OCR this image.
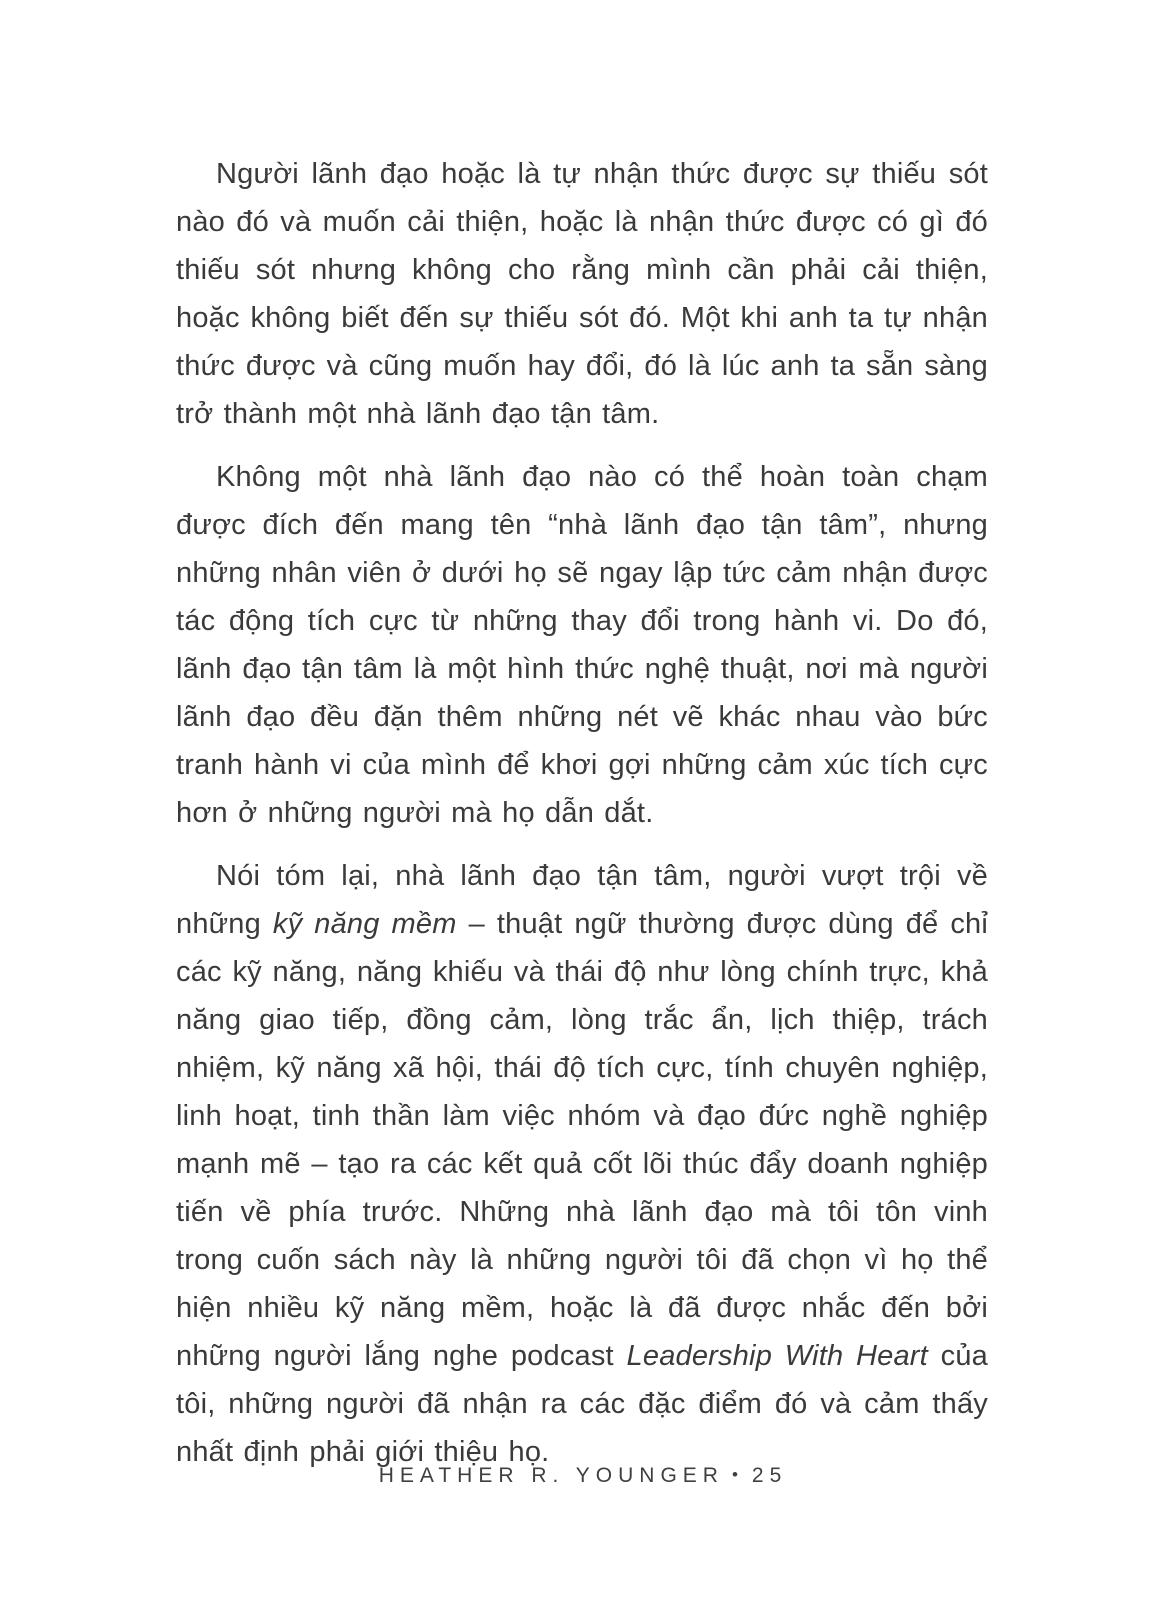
Người lãnh đạo hoặc là tự nhận thức được sự thiếu sót nào đó và muốn cải thiện, hoặc là nhận thức được có gì đó thiếu sót nhưng không cho rằng mình cần phải cải thiện, hoặc không biết đến sự thiếu sót đó. Một khi anh ta tự nhận thức được và cũng muốn hay đổi, đó là lúc anh ta sẵn sàng trở thành một nhà lãnh đạo tận tâm.

Không một nhà lãnh đạo nào có thể hoàn toàn chạm được đích đến mang tên “nhà lãnh đạo tận tâm”, nhưng những nhân viên ở dưới họ sẽ ngay lập tức cảm nhận được tác động tích cực từ những thay đổi trong hành vi. Do đó, lãnh đạo tận tâm là một hình thức nghệ thuật, nơi mà người lãnh đạo đều đặn thêm những nét vẽ khác nhau vào bức tranh hành vi của mình để khơi gợi những cảm xúc tích cực hơn ở những người mà họ dẫn dắt.

Nói tóm lại, nhà lãnh đạo tận tâm, người vượt trội về những kỹ năng mềm – thuật ngữ thường được dùng để chỉ các kỹ năng, năng khiếu và thái độ như lòng chính trực, khả năng giao tiếp, đồng cảm, lòng trắc ẩn, lịch thiệp, trách nhiệm, kỹ năng xã hội, thái độ tích cực, tính chuyên nghiệp, linh hoạt, tinh thần làm việc nhóm và đạo đức nghề nghiệp mạnh mẽ – tạo ra các kết quả cốt lõi thúc đẩy doanh nghiệp tiến về phía trước. Những nhà lãnh đạo mà tôi tôn vinh trong cuốn sách này là những người tôi đã chọn vì họ thể hiện nhiều kỹ năng mềm, hoặc là đã được nhắc đến bởi những người lắng nghe podcast Leadership With Heart của tôi, những người đã nhận ra các đặc điểm đó và cảm thấy nhất định phải giới thiệu họ.

HEATHER R. YOUNGER • 25
